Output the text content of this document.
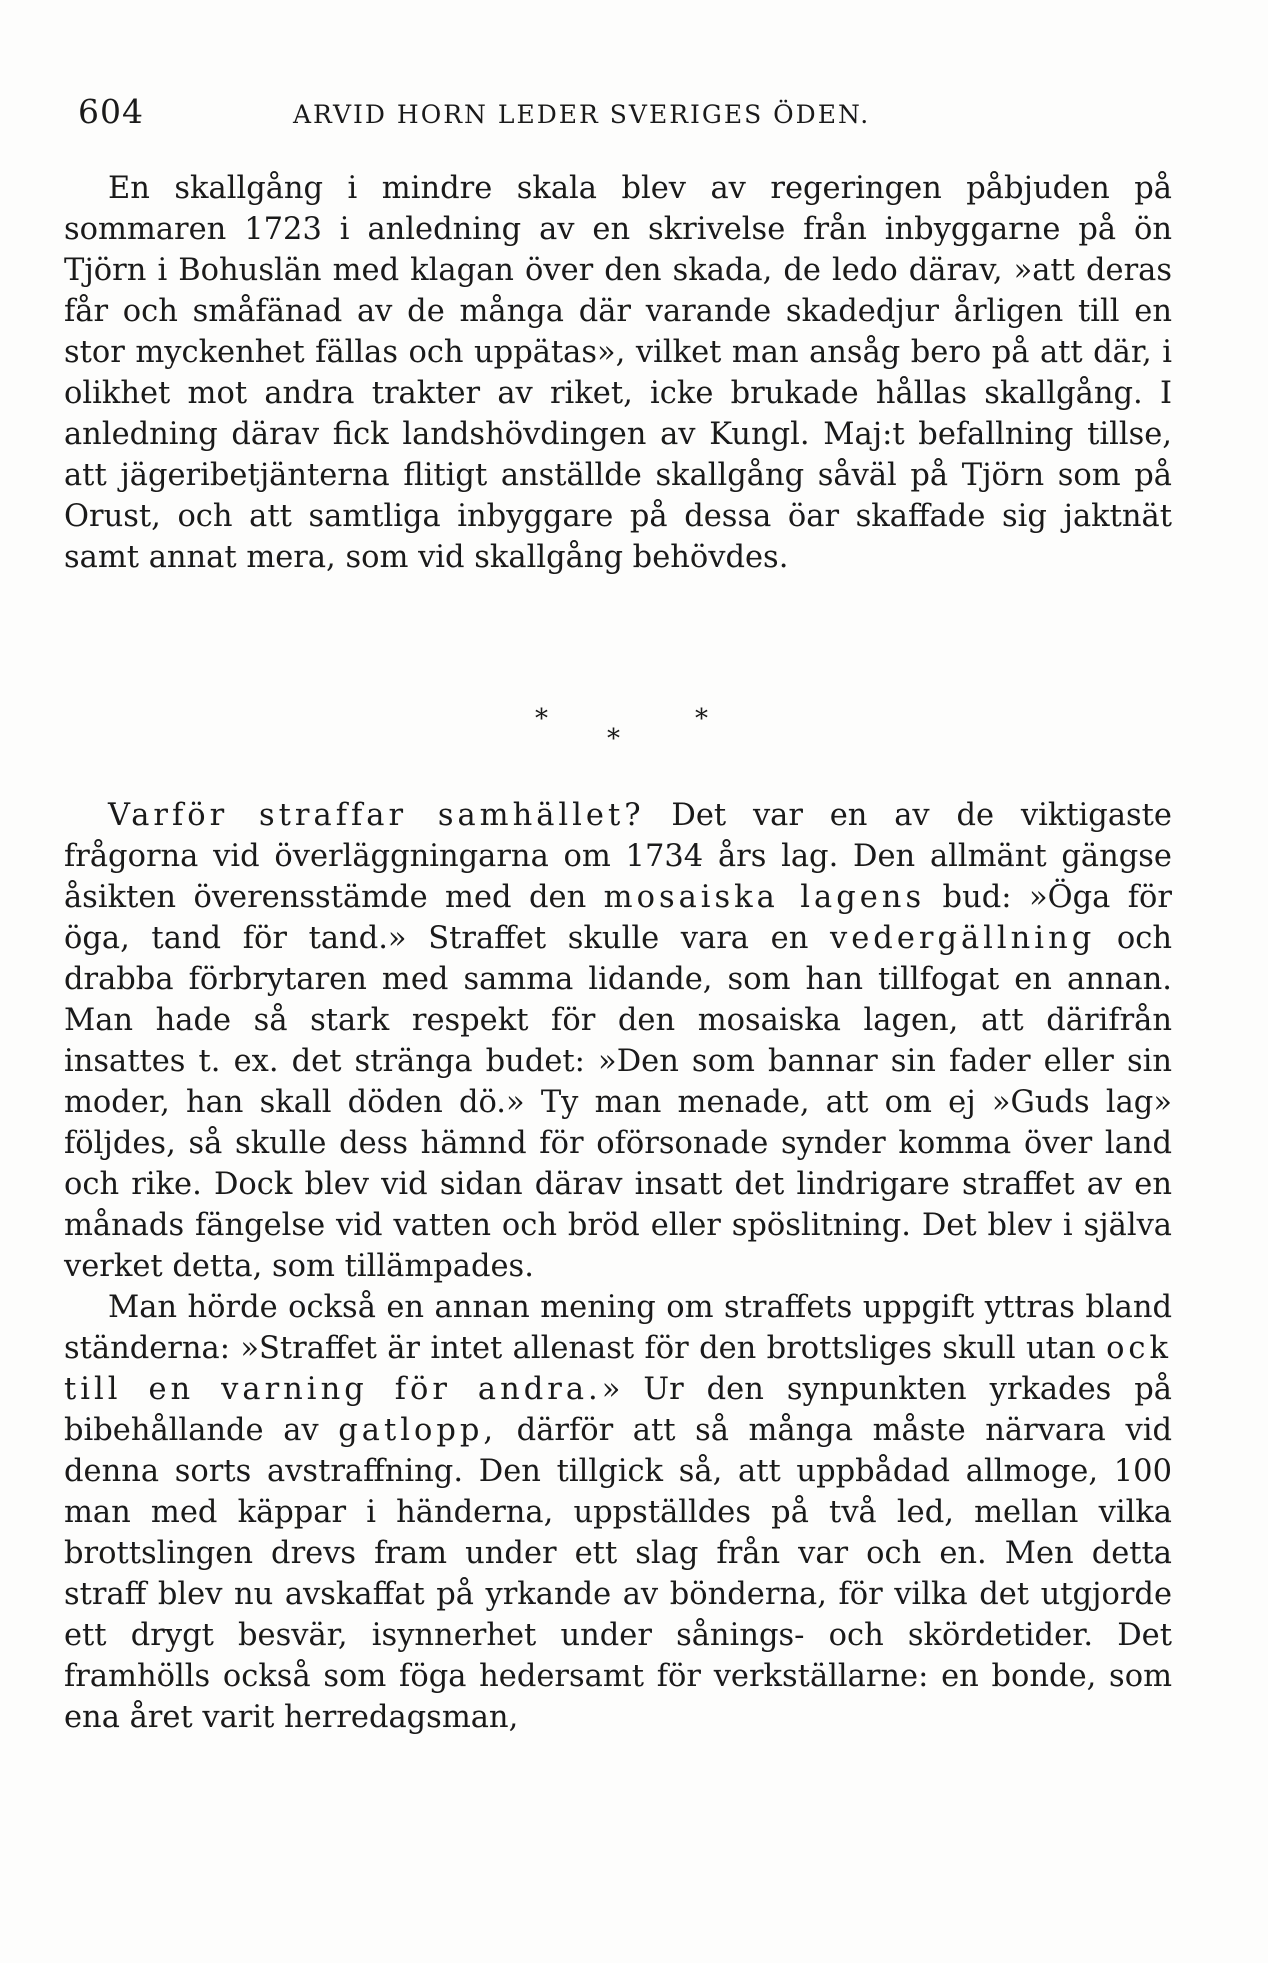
604	ARVID HORN LEDER SVERIGES ÖDEN.

En skallgång i mindre skala blev av regeringen påbjuden på sommaren 1723 i anledning av en skrivelse från inbyggarne på ön Tjörn i Bohuslän med klagan över den skada, de ledo därav, »att deras får och småfänad av de många där varande skadedjur årligen till en stor myckenhet fällas och uppätas», vilket man ansåg bero på att där, i olikhet mot andra trakter av riket, icke brukade hållas skallgång. I anledning därav fick landshövdingen av Kungl. Maj:t befallning tillse, att jägeribetjänterna flitigt anställde skallgång såväl på Tjörn som på Orust, och att samtliga inbyggare på dessa öar skaffade sig jaktnät samt annat mera, som vid skallgång behövdes.

*
*
*

Varför straffar samhället? Det var en av de viktigaste frågorna vid överläggningarna om 1734 års lag. Den allmänt gängse åsikten överensstämde med den mosaiska lagens bud: »Öga för öga, tand för tand.» Straffet skulle vara en vedergällning och drabba förbrytaren med samma lidande, som han tillfogat en annan. Man hade så stark respekt för den mosaiska lagen, att därifrån insattes t. ex. det stränga budet: »Den som bannar sin fader eller sin moder, han skall döden dö.» Ty man menade, att om ej »Guds lag» följdes, så skulle dess hämnd för oförsonade synder komma över land och rike. Dock blev vid sidan därav insatt det lindrigare straffet av en månads fängelse vid vatten och bröd eller spöslitning. Det blev i själva verket detta, som tillämpades.

Man hörde också en annan mening om straffets uppgift yttras bland ständerna: »Straffet är intet allenast för den brottsliges skull utan ock till en varning för andra.» Ur den synpunkten yrkades på bibehållande av gatlopp, därför att så många måste närvara vid denna sorts avstraffning. Den tillgick så, att uppbådad allmoge, 100 man med käppar i händerna, uppställdes på två led, mellan vilka brottslingen drevs fram under ett slag från var och en. Men detta straff blev nu avskaffat på yrkande av bönderna, för vilka det utgjorde ett drygt besvär, isynnerhet under sånings- och skördetider. Det framhölls också som föga hedersamt för verkställarne: en bonde, som ena året varit herredagsman,
